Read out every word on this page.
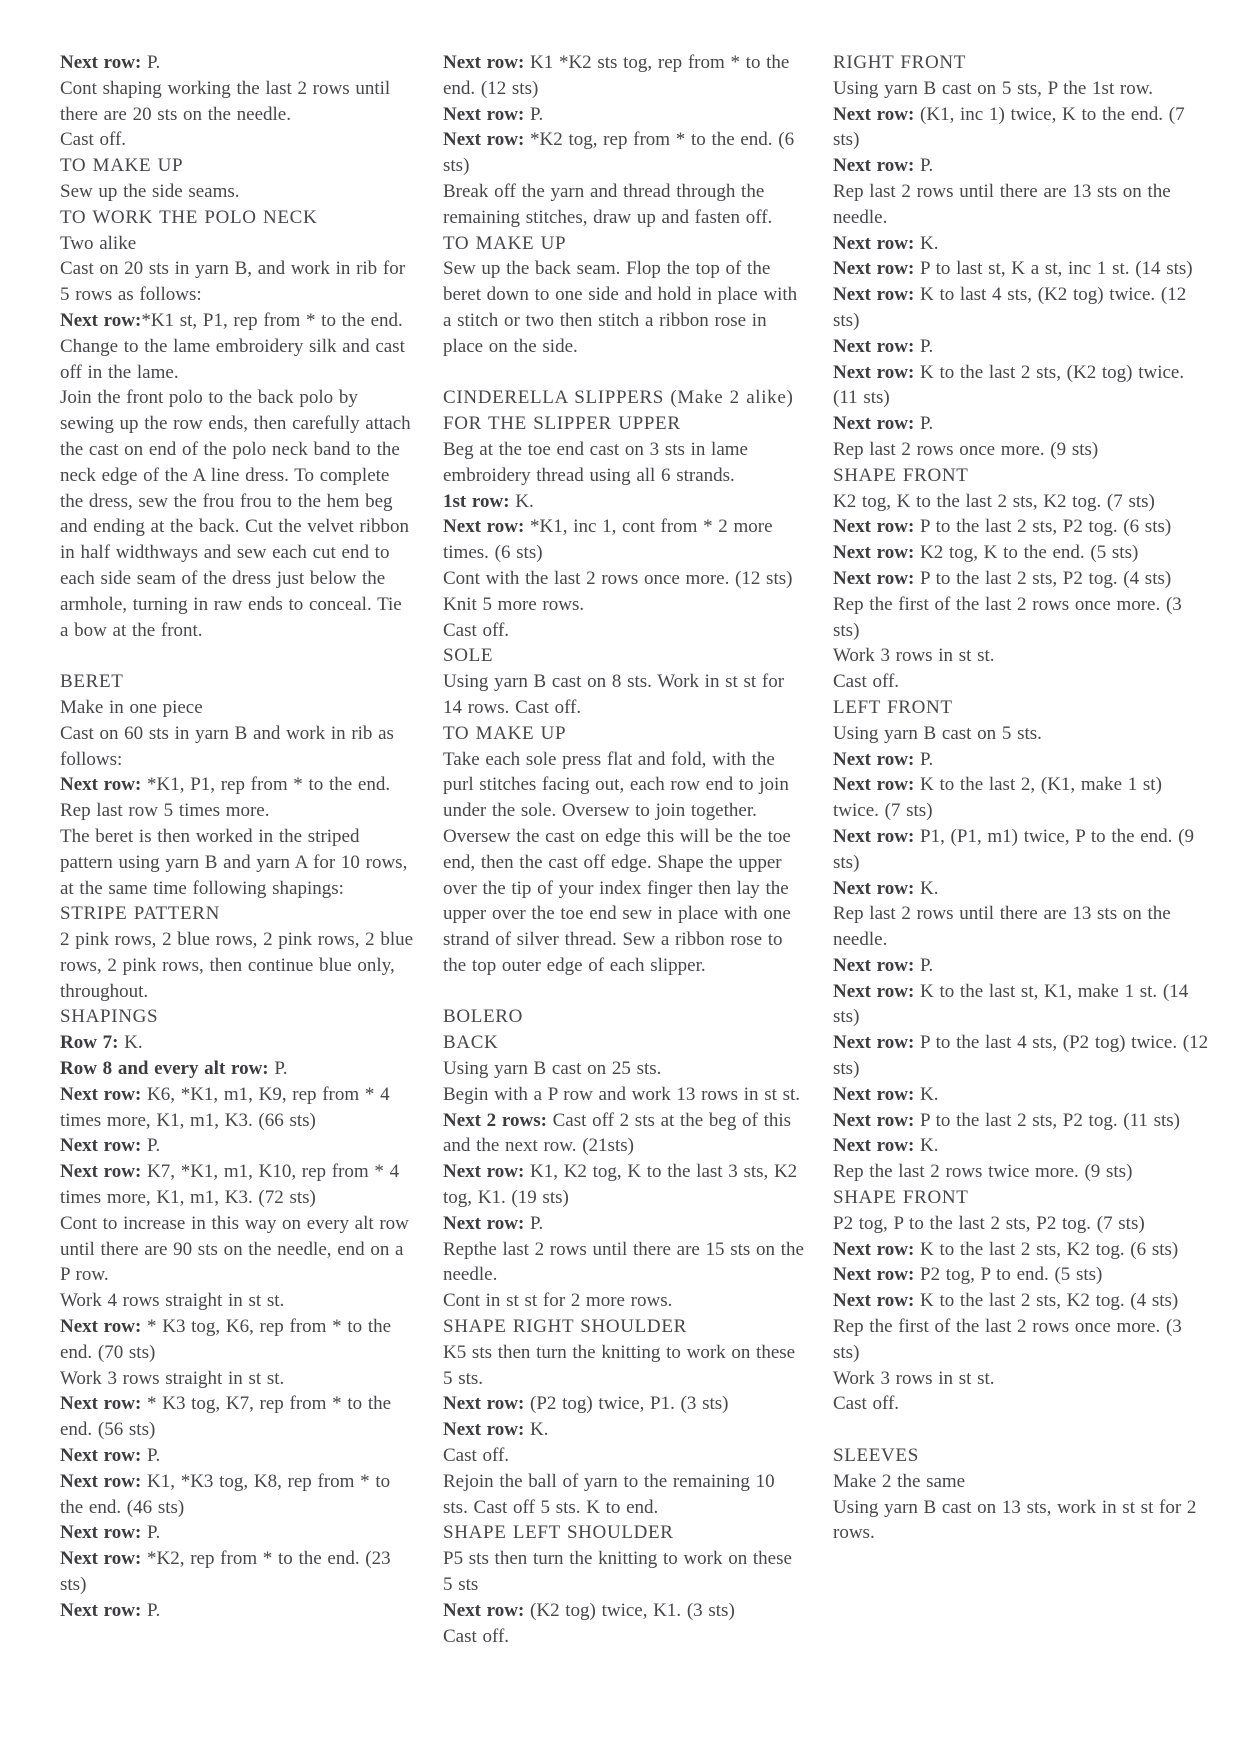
Next row: P.

Cont shaping working the last 2 rows until there are 20 sts on the needle.

Cast off.

TO MAKE UP

Sew up the side seams.

TO WORK THE POLO NECK

Two alike

Cast on 20 sts in yarn B, and work in rib for 5 rows as follows:

Next row:*K1 st, P1, rep from * to the end.

Change to the lame embroidery silk and cast off in the lame.

Join the front polo to the back polo by sewing up the row ends, then carefully attach the cast on end of the polo neck band to the neck edge of the A line dress. To complete the dress, sew the frou frou to the hem beg and ending at the back. Cut the velvet ribbon in half widthways and sew each cut end to each side seam of the dress just below the armhole, turning in raw ends to conceal. Tie a bow at the front.

BERET

Make in one piece

Cast on 60 sts in yarn B and work in rib as follows:

Next row: *K1, P1, rep from * to the end.

Rep last row 5 times more.

The beret is then worked in the striped pattern using yarn B and yarn A for 10 rows, at the same time following shapings:

STRIPE PATTERN

2 pink rows, 2 blue rows, 2 pink rows, 2 blue rows, 2 pink rows, then continue blue only, throughout.

SHAPINGS

Row 7: K.

Row 8 and every alt row: P.

Next row: K6, *K1, m1, K9, rep from * 4 times more, K1, m1, K3. (66 sts)

Next row: P.

Next row: K7, *K1, m1, K10, rep from * 4 times more, K1, m1, K3. (72 sts)

Cont to increase in this way on every alt row until there are 90 sts on the needle, end on a P row.

Work 4 rows straight in st st.

Next row: * K3 tog, K6, rep from * to the end. (70 sts)

Work 3 rows straight in st st.

Next row: * K3 tog, K7, rep from * to the end. (56 sts)

Next row: P.

Next row: K1, *K3 tog, K8, rep from * to the end. (46 sts)

Next row: P.

Next row: *K2, rep from * to the end. (23 sts)

Next row: P.

Next row: K1 *K2 sts tog, rep from * to the end. (12 sts)

Next row: P.

Next row: *K2 tog, rep from * to the end. (6 sts)

Break off the yarn and thread through the remaining stitches, draw up and fasten off.

TO MAKE UP

Sew up the back seam. Flop the top of the beret down to one side and hold in place with a stitch or two then stitch a ribbon rose in place on the side.

CINDERELLA SLIPPERS (Make 2 alike)

FOR THE SLIPPER UPPER

Beg at the toe end cast on 3 sts in lame embroidery thread using all 6 strands.

1st row: K.

Next row: *K1, inc 1, cont from * 2 more times. (6 sts)

Cont with the last 2 rows once more. (12 sts)

Knit 5 more rows.

Cast off.

SOLE

Using yarn B cast on 8 sts. Work in st st for 14 rows. Cast off.

TO MAKE UP

Take each sole press flat and fold, with the purl stitches facing out, each row end to join under the sole. Oversew to join together. Oversew the cast on edge this will be the toe end, then the cast off edge. Shape the upper over the tip of your index finger then lay the upper over the toe end sew in place with one strand of silver thread. Sew a ribbon rose to the top outer edge of each slipper.

BOLERO

BACK

Using yarn B cast on 25 sts.

Begin with a P row and work 13 rows in st st.

Next 2 rows: Cast off 2 sts at the beg of this and the next row. (21sts)

Next row: K1, K2 tog, K to the last 3 sts, K2 tog, K1. (19 sts)

Next row: P.

Repthe last 2 rows until there are 15 sts on the needle.

Cont in st st for 2 more rows.

SHAPE RIGHT SHOULDER

K5 sts then turn the knitting to work on these 5 sts.

Next row: (P2 tog) twice, P1. (3 sts)

Next row: K.

Cast off.

Rejoin the ball of yarn to the remaining 10 sts. Cast off 5 sts. K to end.

SHAPE LEFT SHOULDER

P5 sts then turn the knitting to work on these 5 sts

Next row: (K2 tog) twice, K1. (3 sts)

Cast off.

RIGHT FRONT

Using yarn B cast on 5 sts, P the 1st row.

Next row: (K1, inc 1) twice, K to the end. (7 sts)

Next row: P.

Rep last 2 rows until there are 13 sts on the needle.

Next row: K.

Next row: P to last st, K a st, inc 1 st. (14 sts)

Next row: K to last 4 sts, (K2 tog) twice. (12 sts)

Next row: P.

Next row: K to the last 2 sts, (K2 tog) twice. (11 sts)

Next row: P.

Rep last 2 rows once more. (9 sts)

SHAPE FRONT

K2 tog, K to the last 2 sts, K2 tog. (7 sts)

Next row: P to the last 2 sts, P2 tog. (6 sts)

Next row: K2 tog, K to the end. (5 sts)

Next row: P to the last 2 sts, P2 tog. (4 sts)

Rep the first of the last 2 rows once more. (3 sts)

Work 3 rows in st st.

Cast off.

LEFT FRONT

Using yarn B cast on 5 sts.

Next row: P.

Next row: K to the last 2, (K1, make 1 st) twice. (7 sts)

Next row: P1, (P1, m1) twice, P to the end. (9 sts)

Next row: K.

Rep last 2 rows until there are 13 sts on the needle.

Next row: P.

Next row: K to the last st, K1, make 1 st. (14 sts)

Next row: P to the last 4 sts, (P2 tog) twice. (12 sts)

Next row: K.

Next row: P to the last 2 sts, P2 tog. (11 sts)

Next row: K.

Rep the last 2 rows twice more. (9 sts)

SHAPE FRONT

P2 tog, P to the last 2 sts, P2 tog. (7 sts)

Next row: K to the last 2 sts, K2 tog. (6 sts)

Next row: P2 tog, P to end. (5 sts)

Next row: K to the last 2 sts, K2 tog. (4 sts)

Rep the first of the last 2 rows once more. (3 sts)

Work 3 rows in st st.

Cast off.

SLEEVES

Make 2 the same

Using yarn B cast on 13 sts, work in st st for 2 rows.
